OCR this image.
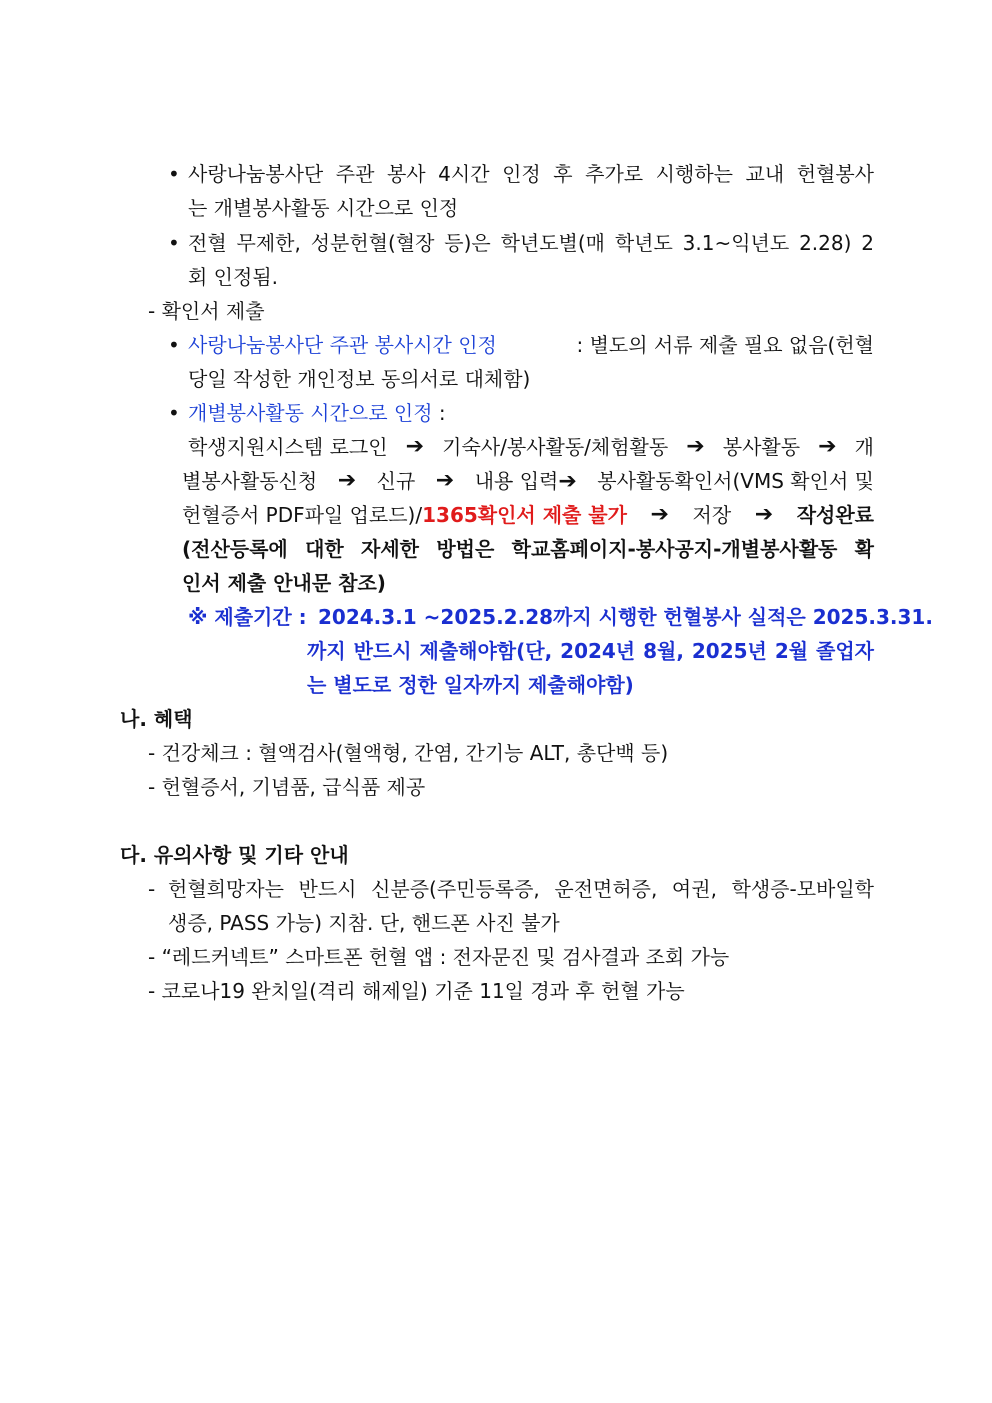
• 사랑나눔봉사단 주관 봉사 4시간 인정 후 추가로 시행하는 교내 헌혈봉사
는 개별봉사활동 시간으로 인정
• 전혈 무제한, 성분헌혈(혈장 등)은 학년도별(매 학년도 3.1~익년도 2.28) 2
회 인정됨.
- 확인서 제출
• 사랑나눔봉사단 주관 봉사시간 인정	: 별도의 서류 제출 필요 없음(헌혈
당일 작성한 개인정보 동의서로 대체함)
• 개별봉사활동 시간으로 인정 :
학생지원시스템 로그인 ➔ 기숙사/봉사활동/체험활동 ➔ 봉사활동 ➔ 개
별봉사활동신청 ➔ 신규 ➔ 내용 입력➔ 봉사활동확인서(VMS 확인서 및
헌혈증서 PDF파일 업로드)/1365확인서 제출 불가 ➔ 저장 ➔ 작성완료
(전산등록에 대한 자세한 방법은 학교홈페이지-봉사공지-개별봉사활동 확
인서 제출 안내문 참조)
※ 제출기간 : 2024.3.1 ~2025.2.28까지 시행한 헌혈봉사 실적은 2025.3.31.
까지 반드시 제출해야함(단, 2024년 8월, 2025년 2월 졸업자
는 별도로 정한 일자까지 제출해야함)
나. 혜택
- 건강체크 : 혈액검사(혈액형, 간염, 간기능 ALT, 총단백 등)
- 헌혈증서, 기념품, 급식품 제공
다. 유의사항 및 기타 안내
- 헌혈희망자는 반드시 신분증(주민등록증, 운전면허증, 여권, 학생증-모바일학
생증, PASS 가능) 지참. 단, 핸드폰 사진 불가
- “레드커넥트” 스마트폰 헌혈 앱 : 전자문진 및 검사결과 조회 가능
- 코로나19 완치일(격리 해제일) 기준 11일 경과 후 헌혈 가능
